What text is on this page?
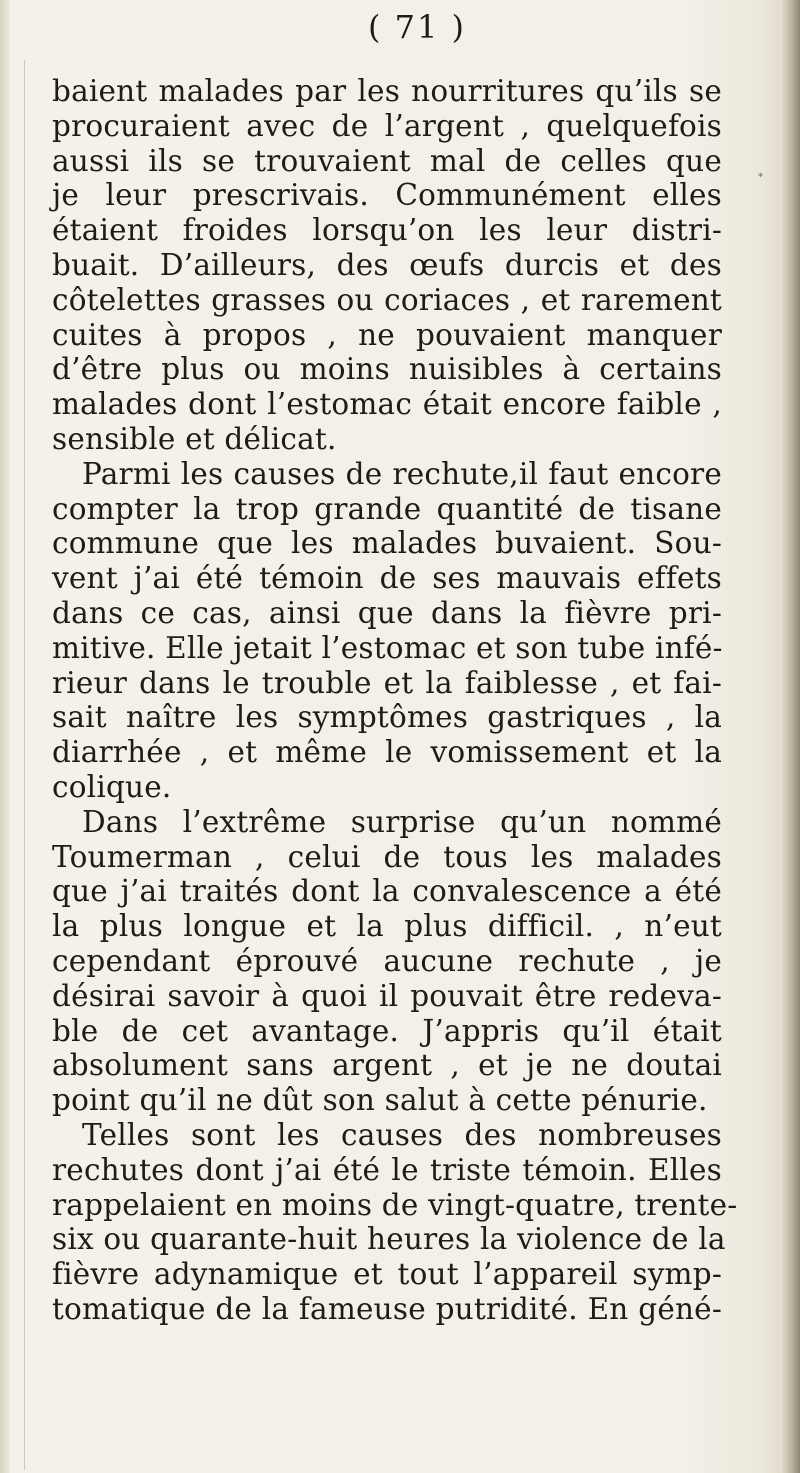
*
( 71 )
baient malades par les nourritures qu’ils se
procuraient avec de l’argent , quelquefois
aussi ils se trouvaient mal de celles que
je leur prescrivais. Communément elles
étaient froides lorsqu’on les leur distri-
buait. D’ailleurs, des œufs durcis et des
côtelettes grasses ou coriaces , et rarement
cuites à propos , ne pouvaient manquer
d’être plus ou moins nuisibles à certains
malades dont l’estomac était encore faible ,
sensible et délicat.
Parmi les causes de rechute,il faut encore
compter la trop grande quantité de tisane
commune que les malades buvaient. Sou-
vent j’ai été témoin de ses mauvais effets
dans ce cas, ainsi que dans la fièvre pri-
mitive. Elle jetait l’estomac et son tube infé-
rieur dans le trouble et la faiblesse , et fai-
sait naître les symptômes gastriques , la
diarrhée , et même le vomissement et la
colique.
Dans l’extrême surprise qu’un nommé
Toumerman , celui de tous les malades
que j’ai traités dont la convalescence a été
la plus longue et la plus difficil. , n’eut
cependant éprouvé aucune rechute , je
désirai savoir à quoi il pouvait être redeva-
ble de cet avantage. J’appris qu’il était
absolument sans argent , et je ne doutai
point qu’il ne dût son salut à cette pénurie.
Telles sont les causes des nombreuses
rechutes dont j’ai été le triste témoin. Elles
rappelaient en moins de vingt-quatre, trente-
six ou quarante-huit heures la violence de la
fièvre adynamique et tout l’appareil symp-
tomatique de la fameuse putridité. En géné-
